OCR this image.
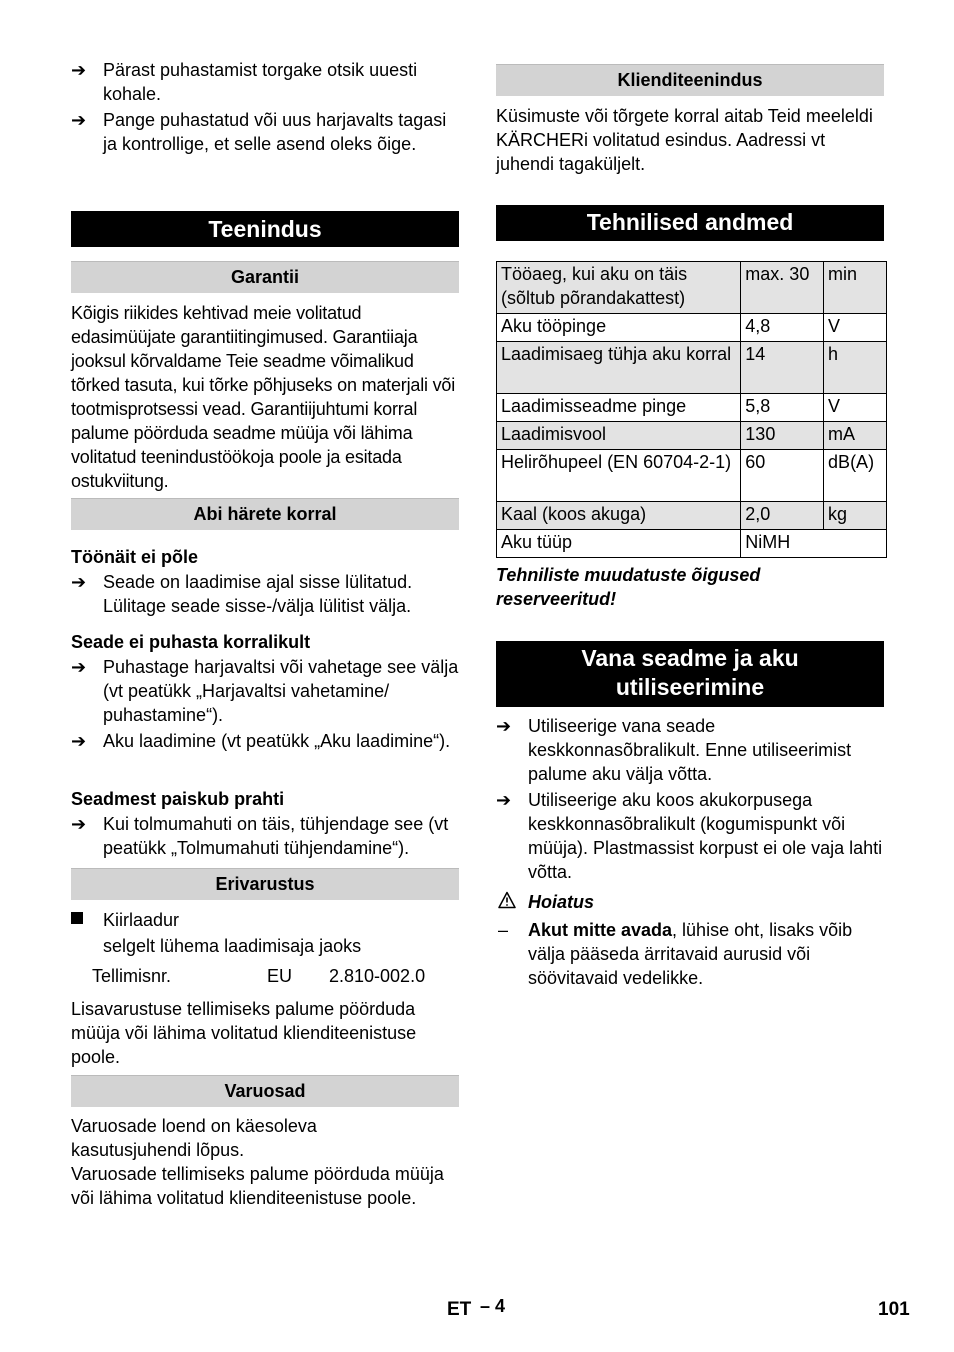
➔ Pärast puhastamist torgake otsik uuesti kohale.
➔ Pange puhastatud või uus harjavalts tagasi ja kontrollige, et selle asend oleks õige.
Teenindus
Garantii

Kõigis riikides kehtivad meie volitatud edasimüüjate garantiitingimused. Garantiiaja jooksul kõrvaldame Teie seadme võimalikud tõrked tasuta, kui tõrke põhjuseks on materjali või tootmisprotsessi vead. Garantiijuhtumi korral palume pöörduda seadme müüja või lähima volitatud teenindustöökoja poole ja esitada ostukviitung.

Abi härete korral
Töönäit ei põle
➔ Seade on laadimise ajal sisse lülitatud. Lülitage seade sisse-/välja lülitist välja.
Seade ei puhasta korralikult
➔ Puhastage harjavaltsi või vahetage see välja (vt peatükk „Harjavaltsi vahetamine/ puhastamine“).
➔ Aku laadimine (vt peatükk „Aku laadimine“).
Seadmest paiskub prahti
➔ Kui tolmumahuti on täis, tühjendage see (vt peatükk „Tolmumahuti tühjendamine“).
Erivarustus
Kiirlaadur
selgelt lühema laadimisaja jaoks
Tellimisnr.	EU 2.810-002.0

Lisavarustuse tellimiseks palume pöörduda müüja või lähima volitatud klienditeenistuse poole.

Varuosad

Varuosade loend on käesoleva kasutusjuhendi lõpus.

Varuosade tellimiseks palume pöörduda müüja või lähima volitatud klienditeenistuse poole.

Klienditeenindus

Küsimuste või tõrgete korral aitab Teid meeleldi KÄRCHERi volitatud esindus. Aadressi vt juhendi tagaküljelt.

Tehnilised andmed
Tööaeg, kui aku on täis (sõltub põrandakattest)	max. 30	min
Aku tööpinge	4,8	V
Laadimisaeg tühja aku korral	14	h
Laadimisseadme pinge	5,8	V
Laadimisvool	130	mA
Helirõhupeel (EN 60704-2-1)	60	dB(A)
Kaal (koos akuga)	2,0	kg
Aku tüüp	NiMH	

Tehniliste muudatuste õigused reserveeritud!

Vana seadme ja aku
utiliseerimine
➔ Utiliseerige vana seade keskkonnasõbralikult. Enne utiliseerimist palume aku välja võtta.
➔ Utiliseerige aku koos akukorpusega keskkonnasõbralikult (kogumispunkt või müüja). Plastmassist korpust ei ole vaja lahti võtta.
Hoiatus
– Akut mitte avada, lühise oht, lisaks võib välja pääseda ärritavaid aurusid või söövitavaid vedelikke.

ET – 4	101
